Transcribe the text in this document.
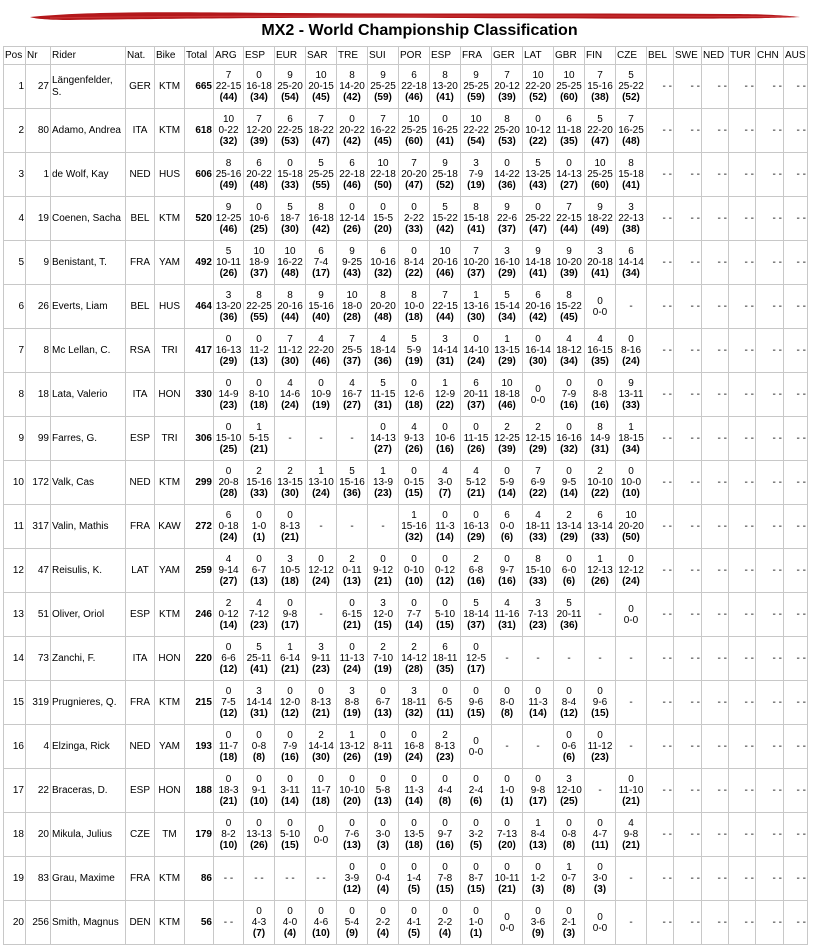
MX2 - World Championship Classification
Pos	Nr	Rider	Nat.	Bike	Total	ARG	ESP	EUR	SAR	TRE	SUI	POR	ESP	FRA	GER	LAT	GBR	FIN	CZE	BEL	SWE	NED	TUR	CHN	AUS
1	27	Längenfelder, S.	GER	KTM	665	7
22-15
(44)	0
16-18
(34)	9
25-20
(54)	10
20-15
(45)	8
14-20
(42)	9
25-25
(59)	6
22-18
(46)	8
13-20
(41)	9
25-25
(59)	7
20-12
(39)	10
22-20
(52)	10
25-25
(60)	7
15-16
(38)	5
25-22
(52)	- -	- -	- -	- -	- -	- -
2	80	Adamo, Andrea	ITA	KTM	618	10
0-22
(32)	7
12-20
(39)	6
22-25
(53)	7
18-22
(47)	0
20-22
(42)	7
16-22
(45)	10
25-25
(60)	0
16-25
(41)	10
22-22
(54)	8
25-20
(53)	0
10-12
(22)	6
11-18
(35)	5
22-20
(47)	7
16-25
(48)	- -	- -	- -	- -	- -	- -
3	1	de Wolf, Kay	NED	HUS	606	8
25-16
(49)	6
20-22
(48)	0
15-18
(33)	5
25-25
(55)	6
22-18
(46)	10
22-18
(50)	7
20-20
(47)	9
25-18
(52)	3
7-9
(19)	0
14-22
(36)	5
13-25
(43)	0
14-13
(27)	10
25-25
(60)	8
15-18
(41)	- -	- -	- -	- -	- -	- -
4	19	Coenen, Sacha	BEL	KTM	520	9
12-25
(46)	0
10-6
(25)	5
18-7
(30)	8
16-18
(42)	0
12-14
(26)	0
15-5
(20)	0
2-22
(33)	5
15-22
(42)	8
15-18
(41)	9
22-6
(37)	0
25-22
(47)	7
22-15
(44)	9
18-22
(49)	3
22-13
(38)	- -	- -	- -	- -	- -	- -
5	9	Benistant, T.	FRA	YAM	492	5
10-11
(26)	10
18-9
(37)	10
16-22
(48)	6
7-4
(17)	9
9-25
(43)	6
10-16
(32)	0
8-14
(22)	10
20-16
(46)	7
10-20
(37)	3
16-10
(29)	9
14-18
(41)	9
10-20
(39)	3
20-18
(41)	6
14-14
(34)	- -	- -	- -	- -	- -	- -
6	26	Everts, Liam	BEL	HUS	464	3
13-20
(36)	8
22-25
(55)	8
20-16
(44)	9
15-16
(40)	10
18-0
(28)	8
20-20
(48)	8
10-0
(18)	7
22-15
(44)	1
13-16
(30)	5
15-14
(34)	6
20-16
(42)	8
15-22
(45)	0
0-0	-	- -	- -	- -	- -	- -	- -
7	8	Mc Lellan, C.	RSA	TRI	417	0
16-13
(29)	0
11-2
(13)	7
11-12
(30)	4
22-20
(46)	7
25-5
(37)	4
18-14
(36)	5
5-9
(19)	3
14-14
(31)	0
14-10
(24)	1
13-15
(29)	0
16-14
(30)	4
18-12
(34)	4
16-15
(35)	0
8-16
(24)	- -	- -	- -	- -	- -	- -
8	18	Lata, Valerio	ITA	HON	330	0
14-9
(23)	0
8-10
(18)	4
14-6
(24)	0
10-9
(19)	4
16-7
(27)	5
11-15
(31)	0
12-6
(18)	1
12-9
(22)	6
20-11
(37)	10
18-18
(46)	0
0-0	0
7-9
(16)	0
8-8
(16)	9
13-11
(33)	- -	- -	- -	- -	- -	- -
9	99	Farres, G.	ESP	TRI	306	0
15-10
(25)	1
5-15
(21)	-	-	-	0
14-13
(27)	4
9-13
(26)	0
10-6
(16)	0
11-15
(26)	2
12-25
(39)	2
12-15
(29)	0
16-16
(32)	8
14-9
(31)	1
18-15
(34)	- -	- -	- -	- -	- -	- -
10	172	Valk, Cas	NED	KTM	299	0
20-8
(28)	2
15-16
(33)	2
13-15
(30)	1
13-10
(24)	5
15-16
(36)	1
13-9
(23)	0
0-15
(15)	4
3-0
(7)	4
5-12
(21)	0
5-9
(14)	7
6-9
(22)	0
9-5
(14)	2
10-10
(22)	0
10-0
(10)	- -	- -	- -	- -	- -	- -
11	317	Valin, Mathis	FRA	KAW	272	6
0-18
(24)	0
1-0
(1)	0
8-13
(21)	-	-	-	1
15-16
(32)	0
11-3
(14)	0
16-13
(29)	6
0-0
(6)	4
18-11
(33)	2
13-14
(29)	6
13-14
(33)	10
20-20
(50)	- -	- -	- -	- -	- -	- -
12	47	Reisulis, K.	LAT	YAM	259	4
9-14
(27)	0
6-7
(13)	3
10-5
(18)	0
12-12
(24)	2
0-11
(13)	0
9-12
(21)	0
0-10
(10)	0
0-12
(12)	2
6-8
(16)	0
9-7
(16)	8
15-10
(33)	0
6-0
(6)	1
12-13
(26)	0
12-12
(24)	- -	- -	- -	- -	- -	- -
13	51	Oliver, Oriol	ESP	KTM	246	2
0-12
(14)	4
7-12
(23)	0
9-8
(17)	-	0
6-15
(21)	3
12-0
(15)	0
7-7
(14)	0
5-10
(15)	5
18-14
(37)	4
11-16
(31)	3
7-13
(23)	5
20-11
(36)	-	0
0-0	- -	- -	- -	- -	- -	- -
14	73	Zanchi, F.	ITA	HON	220	0
6-6
(12)	5
25-11
(41)	1
6-14
(21)	3
9-11
(23)	0
11-13
(24)	2
7-10
(19)	2
14-12
(28)	6
18-11
(35)	0
12-5
(17)	-	-	-	-	-	- -	- -	- -	- -	- -	- -
15	319	Prugnieres, Q.	FRA	KTM	215	0
7-5
(12)	3
14-14
(31)	0
12-0
(12)	0
8-13
(21)	3
8-8
(19)	0
6-7
(13)	3
18-11
(32)	0
6-5
(11)	0
9-6
(15)	0
8-0
(8)	0
11-3
(14)	0
8-4
(12)	0
9-6
(15)	-	- -	- -	- -	- -	- -	- -
16	4	Elzinga, Rick	NED	YAM	193	0
11-7
(18)	0
0-8
(8)	0
7-9
(16)	2
14-14
(30)	1
13-12
(26)	0
8-11
(19)	0
16-8
(24)	2
8-13
(23)	0
0-0	-	-	0
0-6
(6)	0
11-12
(23)	-	- -	- -	- -	- -	- -	- -
17	22	Braceras, D.	ESP	HON	188	0
18-3
(21)	0
9-1
(10)	0
3-11
(14)	0
11-7
(18)	0
10-10
(20)	0
5-8
(13)	0
11-3
(14)	0
4-4
(8)	0
2-4
(6)	0
1-0
(1)	0
9-8
(17)	3
12-10
(25)	-	0
11-10
(21)	- -	- -	- -	- -	- -	- -
18	20	Mikula, Julius	CZE	TM	179	0
8-2
(10)	0
13-13
(26)	0
5-10
(15)	0
0-0	0
7-6
(13)	0
3-0
(3)	0
13-5
(18)	0
9-7
(16)	0
3-2
(5)	0
7-13
(20)	1
8-4
(13)	0
0-8
(8)	0
4-7
(11)	4
9-8
(21)	- -	- -	- -	- -	- -	- -
19	83	Grau, Maxime	FRA	KTM	86	- -	- -	- -	- -	0
3-9
(12)	0
0-4
(4)	0
1-4
(5)	0
7-8
(15)	0
8-7
(15)	0
10-11
(21)	0
1-2
(3)	1
0-7
(8)	0
3-0
(3)	-	- -	- -	- -	- -	- -	- -
20	256	Smith, Magnus	DEN	KTM	56	- -	0
4-3
(7)	0
4-0
(4)	0
4-6
(10)	0
5-4
(9)	0
2-2
(4)	0
4-1
(5)	0
2-2
(4)	0
1-0
(1)	0
0-0	0
3-6
(9)	0
2-1
(3)	0
0-0	-	- -	- -	- -	- -	- -	- -
